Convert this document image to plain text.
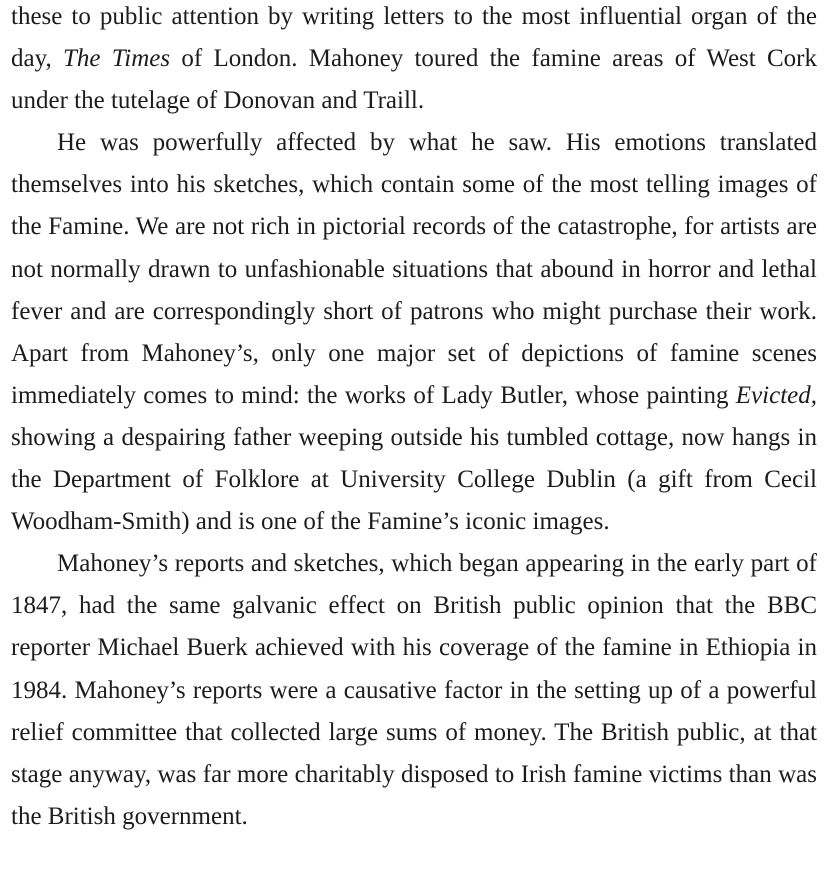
these to public attention by writing letters to the most influential organ of the day, The Times of London. Mahoney toured the famine areas of West Cork under the tutelage of Donovan and Traill.

He was powerfully affected by what he saw. His emotions translated themselves into his sketches, which contain some of the most telling images of the Famine. We are not rich in pictorial records of the catastrophe, for artists are not normally drawn to unfashionable situations that abound in horror and lethal fever and are correspondingly short of patrons who might purchase their work. Apart from Mahoney’s, only one major set of depictions of famine scenes immediately comes to mind: the works of Lady Butler, whose painting Evicted, showing a despairing father weeping outside his tumbled cottage, now hangs in the Department of Folklore at University College Dublin (a gift from Cecil Woodham-Smith) and is one of the Famine’s iconic images.

Mahoney’s reports and sketches, which began appearing in the early part of 1847, had the same galvanic effect on British public opinion that the BBC reporter Michael Buerk achieved with his coverage of the famine in Ethiopia in 1984. Mahoney’s reports were a causative factor in the setting up of a powerful relief committee that collected large sums of money. The British public, at that stage anyway, was far more charitably disposed to Irish famine victims than was the British government.
